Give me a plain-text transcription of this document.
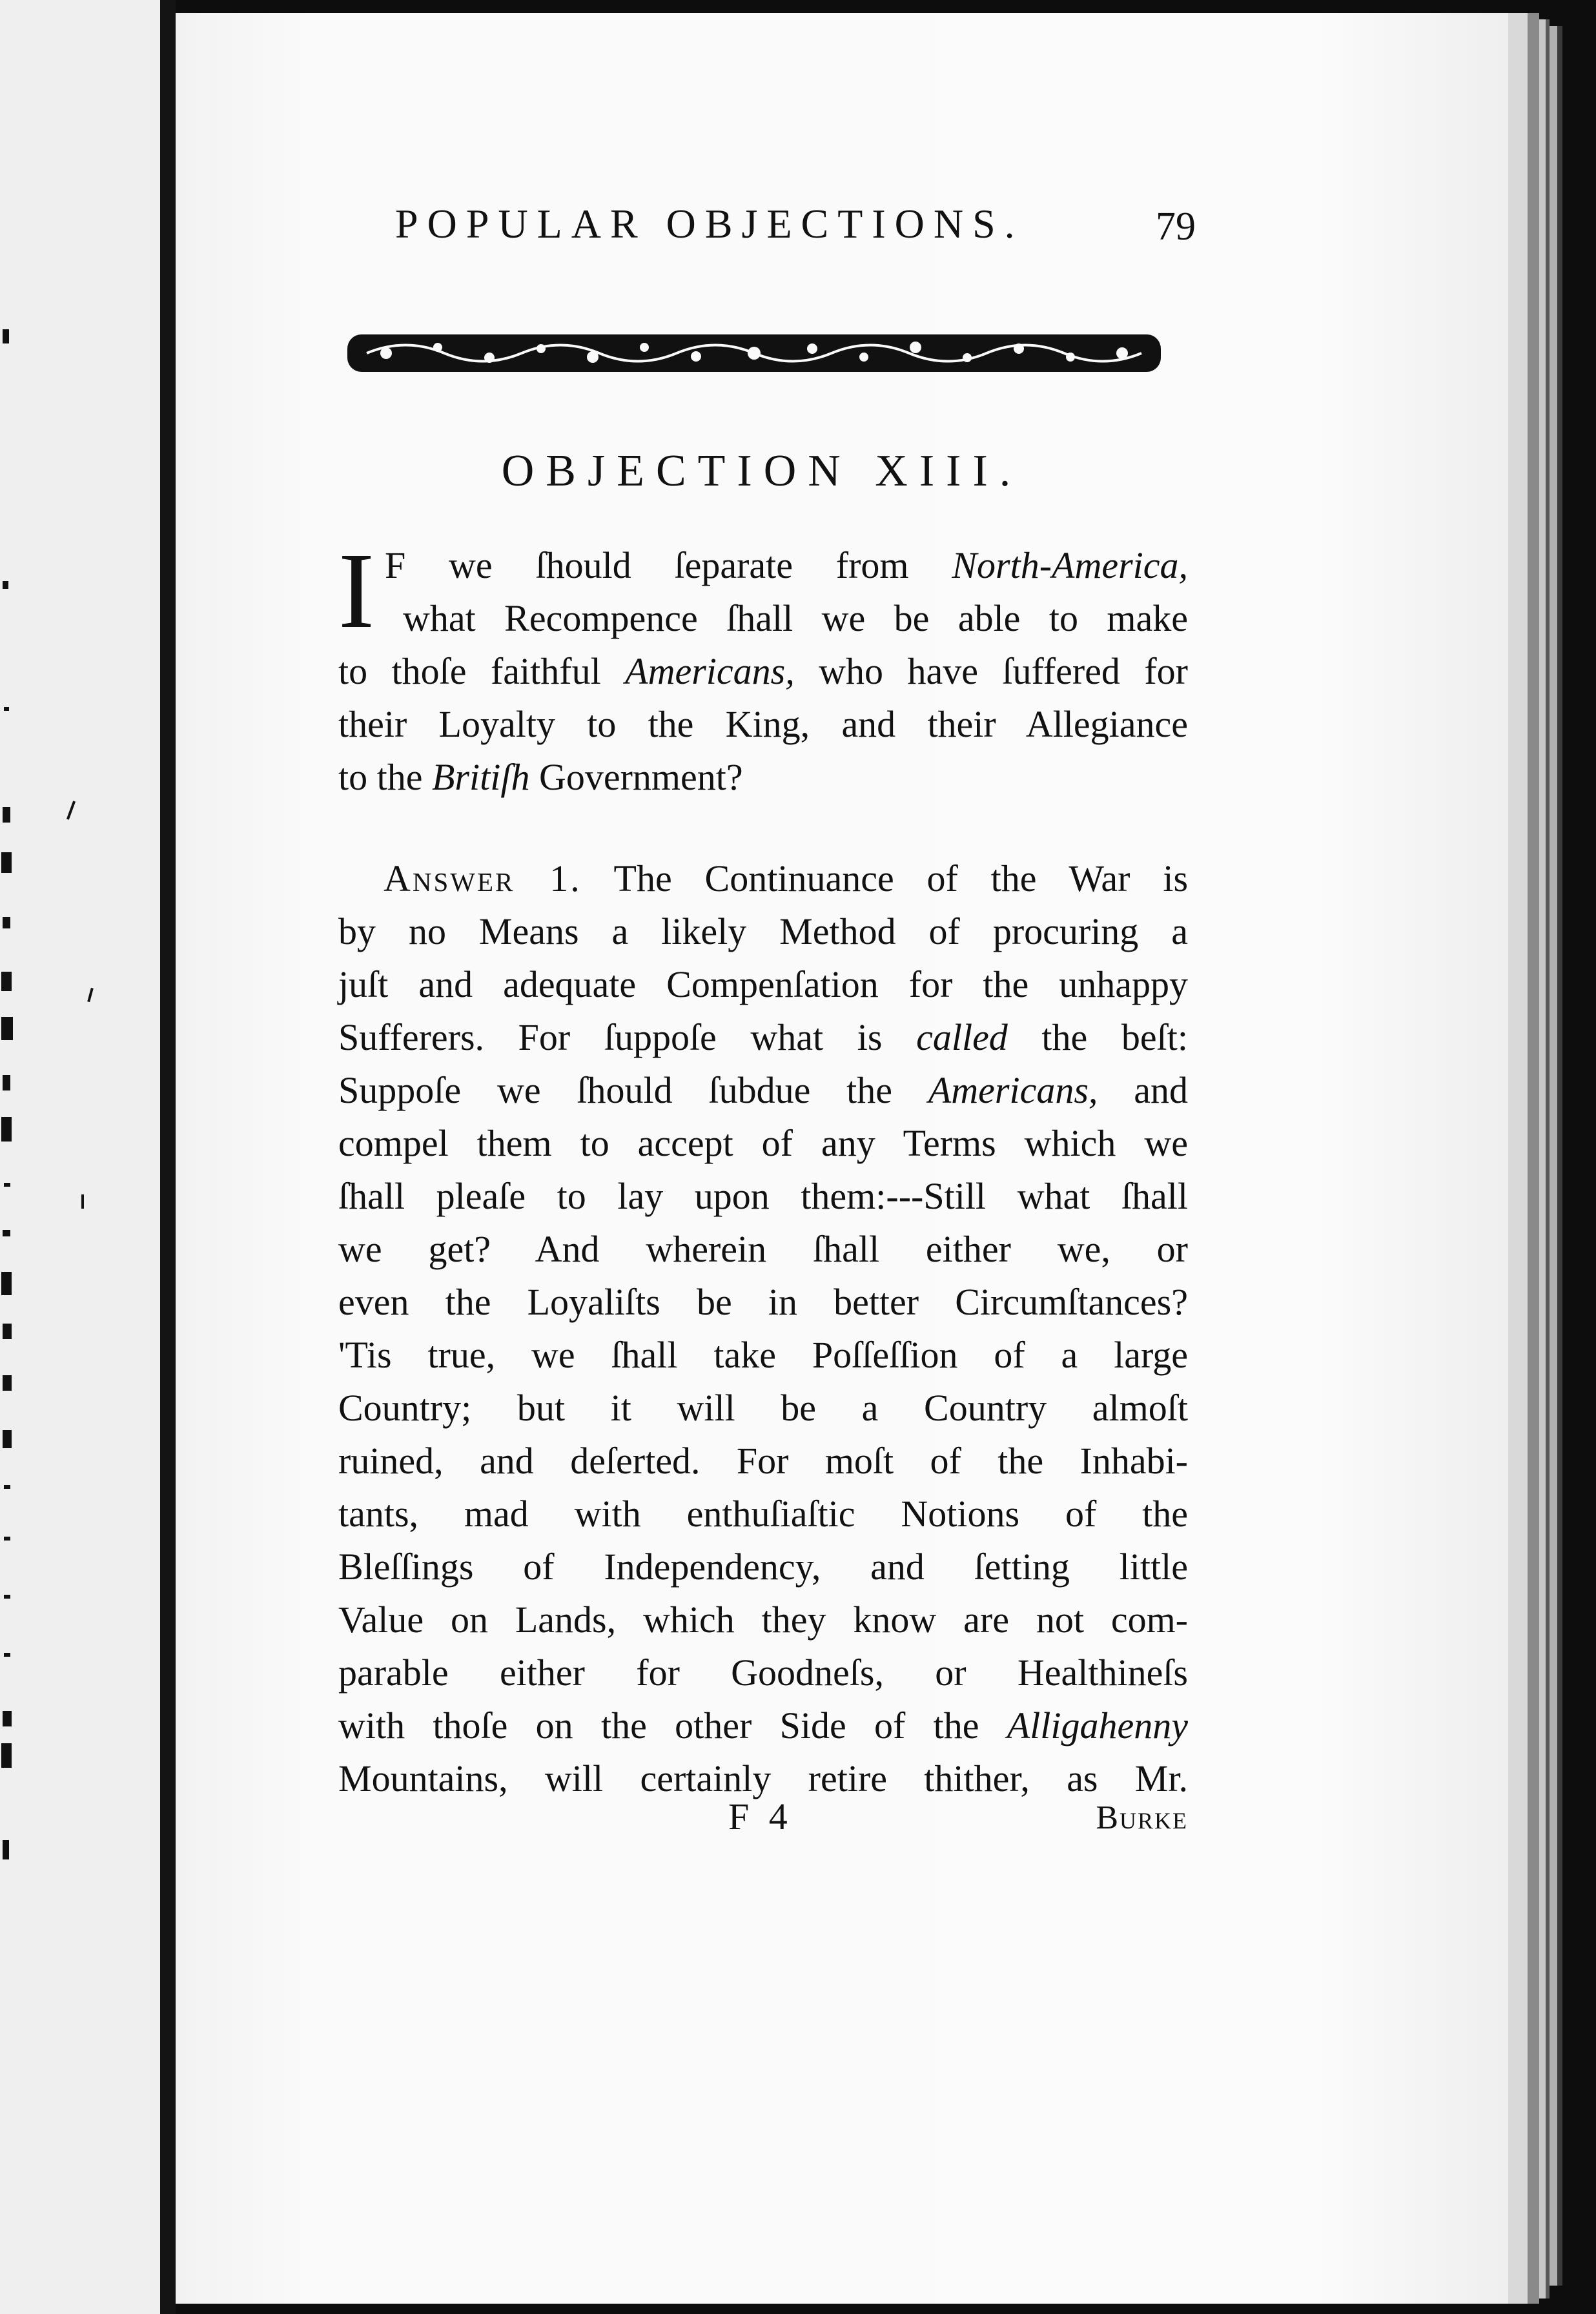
POPULAR OBJECTIONS.	79
OBJECTION XIII.
I F we ſhould ſeparate from North-America,
what Recompence ſhall we be able to make
to thoſe faithful Americans, who have ſuffered for
their Loyalty to the King, and their Allegiance
to the Britiſh Government?
Answer 1. The Continuance of the War is
by no Means a likely Method of procuring a
juſt and adequate Compenſation for the unhappy
Sufferers. For ſuppoſe what is called the beſt:
Suppoſe we ſhould ſubdue the Americans, and
compel them to accept of any Terms which we
ſhall pleaſe to lay upon them:---Still what ſhall
we get? And wherein ſhall either we, or
even the Loyaliſts be in better Circumſtances?
'Tis true, we ſhall take Poſſeſſion of a large
Country; but it will be a Country almoſt
ruined, and deſerted. For moſt of the Inhabi-
tants, mad with enthuſiaſtic Notions of the
Bleſſings of Independency, and ſetting little
Value on Lands, which they know are not com-
parable either for Goodneſs, or Healthineſs
with thoſe on the other Side of the Alligahenny
Mountains, will certainly retire thither, as Mr.
F 4	Burke
